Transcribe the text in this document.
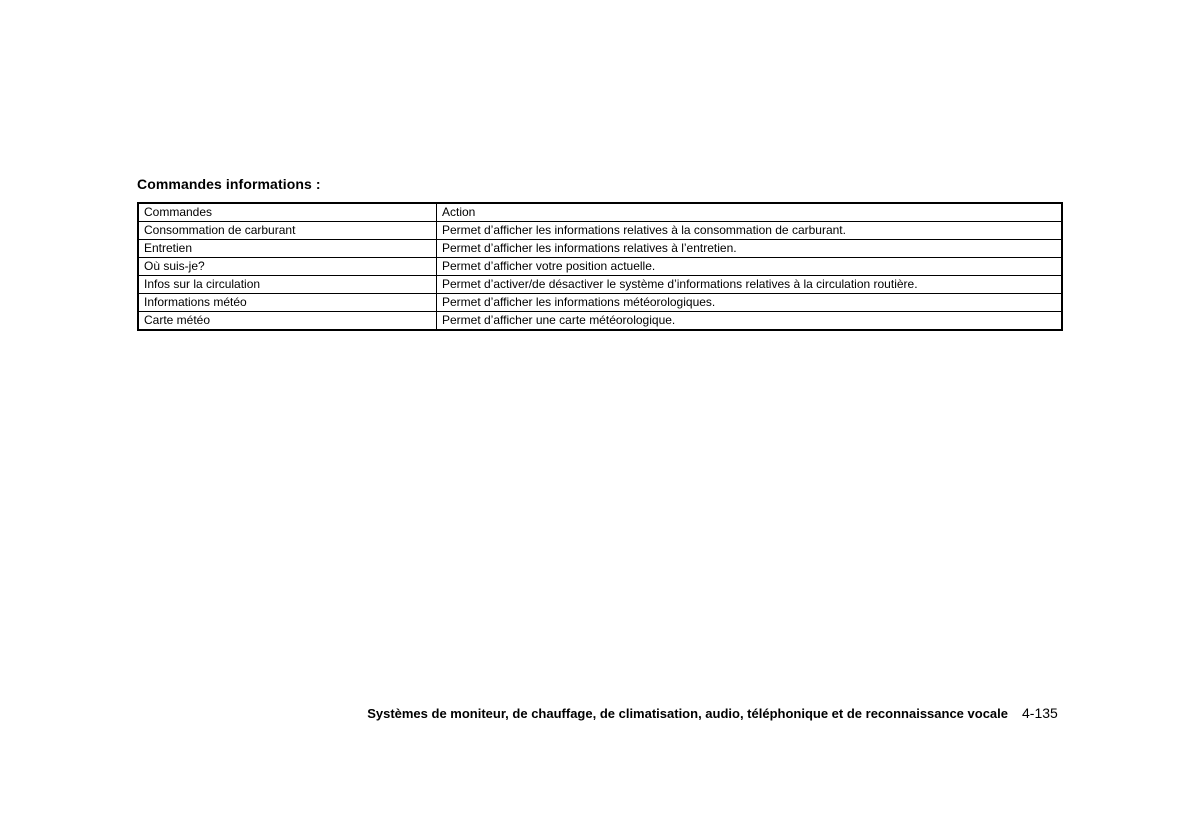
Commandes informations :
Commandes	Action
Consommation de carburant	Permet d’afficher les informations relatives à la consommation de carburant.
Entretien	Permet d’afficher les informations relatives à l’entretien.
Où suis-je?	Permet d’afficher votre position actuelle.
Infos sur la circulation	Permet d’activer/de désactiver le système d’informations relatives à la circulation routière.
Informations météo	Permet d’afficher les informations météorologiques.
Carte météo	Permet d’afficher une carte météorologique.
Systèmes de moniteur, de chauffage, de climatisation, audio, téléphonique et de reconnaissance vocale 4-135
